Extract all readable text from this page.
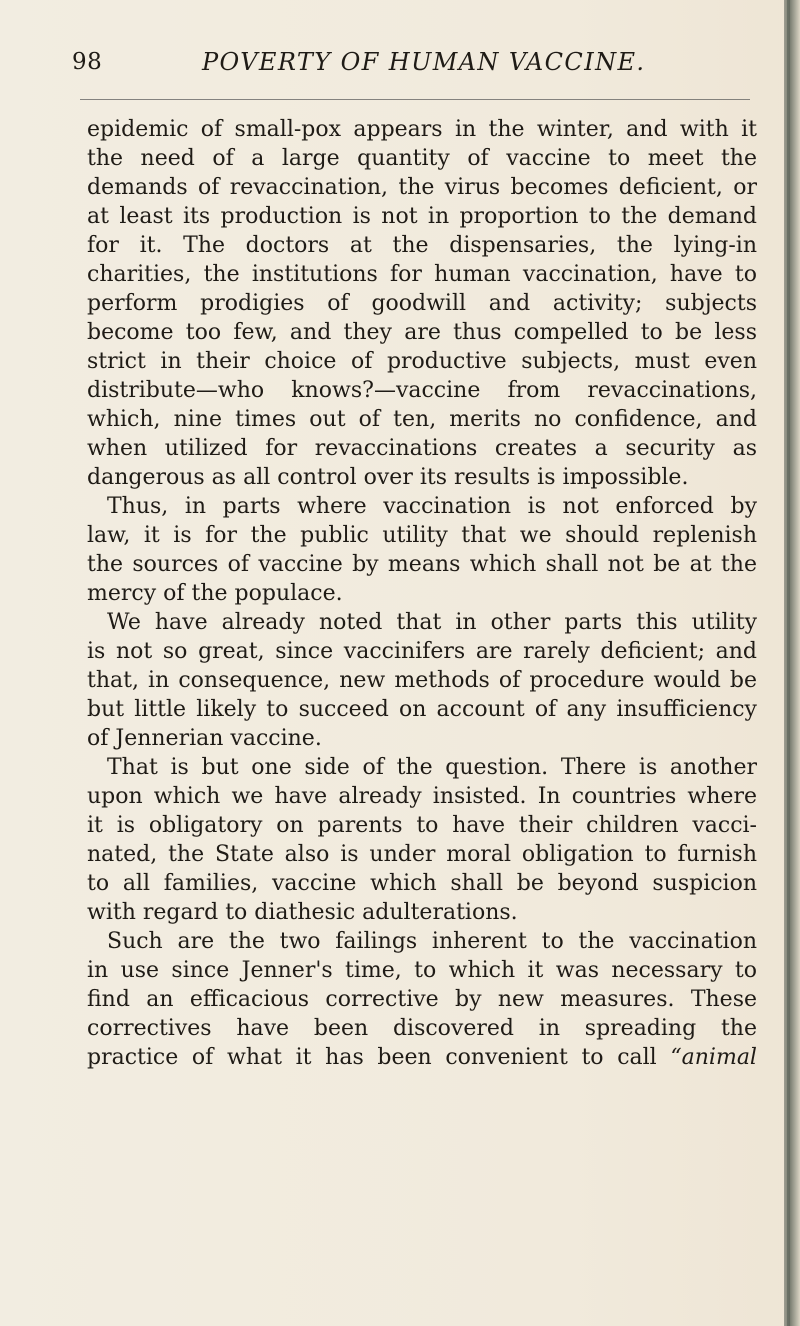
98	POVERTY OF HUMAN VACCINE.
epidemic of small-pox appears in the winter, and with it
the need of a large quantity of vaccine to meet the
demands of revaccination, the virus becomes deficient, or
at least its production is not in proportion to the demand
for it. The doctors at the dispensaries, the lying-in
charities, the institutions for human vaccination, have to
perform prodigies of goodwill and activity; subjects
become too few, and they are thus compelled to be less
strict in their choice of productive subjects, must even
distribute—who knows?—vaccine from revaccinations,
which, nine times out of ten, merits no confidence, and
when utilized for revaccinations creates a security as
dangerous as all control over its results is impossible.
Thus, in parts where vaccination is not enforced by
law, it is for the public utility that we should replenish
the sources of vaccine by means which shall not be at the
mercy of the populace.
We have already noted that in other parts this utility
is not so great, since vaccinifers are rarely deficient; and
that, in consequence, new methods of procedure would be
but little likely to succeed on account of any insufficiency
of Jennerian vaccine.
That is but one side of the question. There is another
upon which we have already insisted. In countries where
it is obligatory on parents to have their children vacci-
nated, the State also is under moral obligation to furnish
to all families, vaccine which shall be beyond suspicion
with regard to diathesic adulterations.
Such are the two failings inherent to the vaccination
in use since Jenner's time, to which it was necessary to
find an efficacious corrective by new measures. These
correctives have been discovered in spreading the
practice of what it has been convenient to call “animal
